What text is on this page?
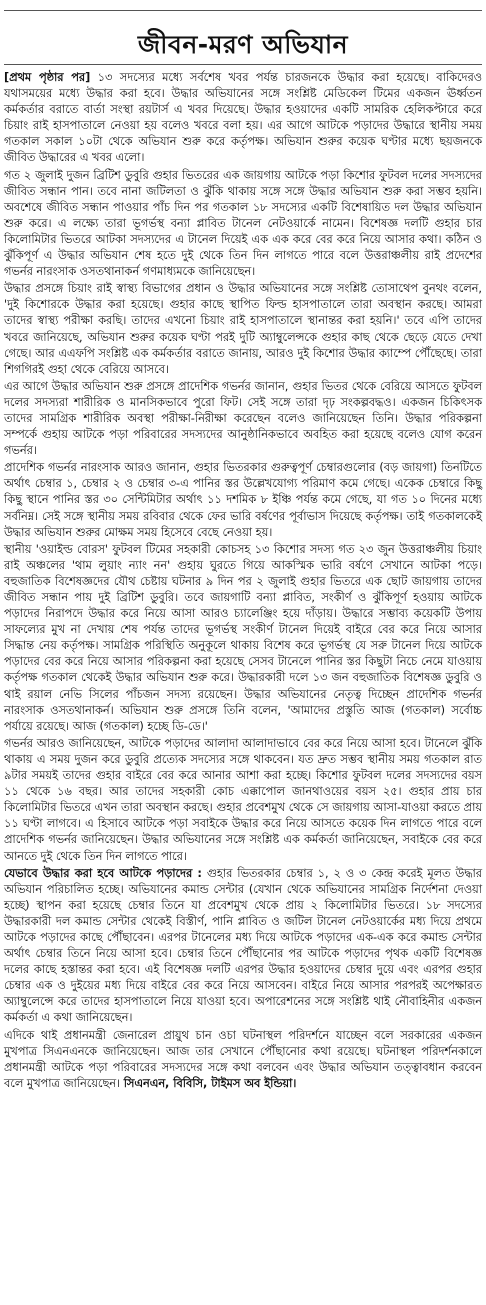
জীবন-মরণ অভিযান

[প্রথম পৃষ্ঠার পর] ১৩ সদস্যের মধ্যে সর্বশেষ খবর পর্যন্ত চারজনকে উদ্ধার করা হয়েছে। বাকিদেরও যথাসময়ের মধ্যে উদ্ধার করা হবে। উদ্ধার অভিযানের সঙ্গে সংশ্লিষ্ট মেডিকেল টিমের একজন ঊর্ধ্বতন কর্মকর্তার বরাতে বার্তা সংস্থা রয়টার্স এ খবর দিয়েছে। উদ্ধার হওয়াদের একটি সামরিক হেলিকপ্টারে করে চিয়াং রাই হাসপাতালে নেওয়া হয় বলেও খবরে বলা হয়। এর আগে আটকে পড়াদের উদ্ধারে স্থানীয় সময় গতকাল সকাল ১০টা থেকে অভিযান শুরু করে কর্তৃপক্ষ। অভিযান শুরুর কয়েক ঘণ্টার মধ্যে ছয়জনকে জীবিত উদ্ধারের এ খবর এলো।

গত ২ জুলাই দুজন ব্রিটিশ ডুবুরি গুহার ভিতরের এক জায়গায় আটকে পড়া কিশোর ফুটবল দলের সদস্যদের জীবিত সন্ধান পান। তবে নানা জটিলতা ও ঝুঁকি থাকায় সঙ্গে সঙ্গে উদ্ধার অভিযান শুরু করা সম্ভব হয়নি। অবশেষে জীবিত সন্ধান পাওয়ার পাঁচ দিন পর গতকাল ১৮ সদস্যের একটি বিশেষায়িত দল উদ্ধার অভিযান শুরু করে। এ লক্ষ্যে তারা ভূগর্ভস্থ বন্যা প্লাবিত টানেল নেটওয়ার্কে নামেন। বিশেষজ্ঞ দলটি গুহার চার কিলোমিটার ভিতরে আটকা সদস্যদের এ টানেল দিয়েই এক এক করে বের করে নিয়ে আসার কথা। কঠিন ও ঝুঁকিপূর্ণ এ উদ্ধার অভিযান শেষ হতে দুই থেকে তিন দিন লাগতে পারে বলে উত্তরাঞ্চলীয় রাই প্রদেশের গভর্নর নারংসাক ওসতথানাকর্ন গণমাধ্যমকে জানিয়েছেন।

উদ্ধার প্রসঙ্গে চিয়াং রাই স্বাস্থ্য বিভাগের প্রধান ও উদ্ধার অভিযানের সঙ্গে সংশ্লিষ্ট তোসাথেপ বুনথং বলেন, 'দুই কিশোরকে উদ্ধার করা হয়েছে। গুহার কাছে স্থাপিত ফিল্ড হাসপাতালে তারা অবস্থান করছে। আমরা তাদের স্বাস্থ্য পরীক্ষা করছি। তাদের এখনো চিয়াং রাই হাসপাতালে স্থানান্তর করা হয়নি।' তবে এপি তাদের খবরে জানিয়েছে, অভিযান শুরুর কয়েক ঘণ্টা পরই দুটি অ্যাম্বুলেন্সকে গুহার কাছ থেকে ছেড়ে যেতে দেখা গেছে। আর এএফপি সংশ্লিষ্ট এক কর্মকর্তার বরাতে জানায়, আরও দুই কিশোর উদ্ধার ক্যাম্পে পৌঁছেছে। তারা শিগগিরই গুহা থেকে বেরিয়ে আসবে।

এর আগে উদ্ধার অভিযান শুরু প্রসঙ্গে প্রাদেশিক গভর্নর জানান, গুহার ভিতর থেকে বেরিয়ে আসতে ফুটবল দলের সদস্যরা শারীরিক ও মানসিকভাবে পুরো ফিট। সেই সঙ্গে তারা দৃঢ় সংকল্পবদ্ধও। একজন চিকিৎসক তাদের সামগ্রিক শারীরিক অবস্থা পরীক্ষা-নিরীক্ষা করেছেন বলেও জানিয়েছেন তিনি। উদ্ধার পরিকল্পনা সম্পর্কে গুহায় আটকে পড়া পরিবারের সদস্যদের আনুষ্ঠানিকভাবে অবহিত করা হয়েছে বলেও যোগ করেন গভর্নর।

প্রাদেশিক গভর্নর নারংসাক আরও জানান, গুহার ভিতরকার গুরুত্বপূর্ণ চেম্বারগুলোর (বড় জায়গা) তিনটিতে অর্থাৎ চেম্বার ১, চেম্বার ২ ও চেম্বার ৩-এ পানির স্তর উল্লেখযোগ্য পরিমাণ কমে গেছে। একেক চেম্বারে কিছু কিছু স্থানে পানির স্তর ৩০ সেন্টিমিটার অর্থাৎ ১১ দশমিক ৮ ইঞ্চি পর্যন্ত কমে গেছে, যা গত ১০ দিনের মধ্যে সর্বনিম্ন। সেই সঙ্গে স্থানীয় সময় রবিবার থেকে ফের ভারি বর্ষণের পূর্বাভাস দিয়েছে কর্তৃপক্ষ। তাই গতকালকেই উদ্ধার অভিযান শুরুর মোক্ষম সময় হিসেবে বেছে নেওয়া হয়।

স্থানীয় 'ওয়াইল্ড বোরস' ফুটবল টিমের সহকারী কোচসহ ১৩ কিশোর সদস্য গত ২৩ জুন উত্তরাঞ্চলীয় চিয়াং রাই অঞ্চলের 'থাম লুয়াং ন্যাং নন' গুহায় ঘুরতে গিয়ে আকস্মিক ভারি বর্ষণে সেখানে আটকা পড়ে। বহুজাতিক বিশেষজ্ঞদের যৌথ চেষ্টায় ঘটনার ৯ দিন পর ২ জুলাই গুহার ভিতরে এক ছোট জায়গায় তাদের জীবিত সন্ধান পায় দুই ব্রিটিশ ডুবুরি। তবে জায়গাটি বন্যা প্লাবিত, সংকীর্ণ ও ঝুঁকিপূর্ণ হওয়ায় আটকে পড়াদের নিরাপদে উদ্ধার করে নিয়ে আসা আরও চ্যালেঞ্জিং হয়ে দাঁড়ায়। উদ্ধারে সম্ভাব্য কয়েকটি উপায় সাফল্যের মুখ না দেখায় শেষ পর্যন্ত তাদের ভূগর্ভস্থ সংকীর্ণ টানেল দিয়েই বাইরে বের করে নিয়ে আসার সিদ্ধান্ত নেয় কর্তৃপক্ষ। সামগ্রিক পরিস্থিতি অনুকূলে থাকায় বিশেষ করে ভূগর্ভস্থ যে সরু টানেল দিয়ে আটকে পড়াদের বের করে নিয়ে আসার পরিকল্পনা করা হয়েছে সেসব টানেলে পানির স্তর কিছুটা নিচে নেমে যাওয়ায় কর্তৃপক্ষ গতকাল থেকেই উদ্ধার অভিযান শুরু করে। উদ্ধারকারী দলে ১৩ জন বহুজাতিক বিশেষজ্ঞ ডুবুরি ও থাই রয়াল নেভি সিলের পাঁচজন সদস্য রয়েছেন। উদ্ধার অভিযানের নেতৃত্ব দিচ্ছেন প্রাদেশিক গভর্নর নারংসাক ওসতথানাকর্ন। অভিযান শুরু প্রসঙ্গে তিনি বলেন, 'আমাদের প্রস্তুতি আজ (গতকাল) সর্বোচ্চ পর্যায়ে রয়েছে। আজ (গতকাল) হচ্ছে ডি-ডে।'

গভর্নর আরও জানিয়েছেন, আটকে পড়াদের আলাদা আলাদাভাবে বের করে নিয়ে আসা হবে। টানেলে ঝুঁকি থাকায় এ সময় দুজন করে ডুবুরি প্রত্যেক সদস্যের সঙ্গে থাকবেন। যত দ্রুত সম্ভব স্থানীয় সময় গতকাল রাত ৯টার সময়ই তাদের গুহার বাইরে বের করে আনার আশা করা হচ্ছে। কিশোর ফুটবল দলের সদস্যদের বয়স ১১ থেকে ১৬ বছর। আর তাদের সহকারী কোচ এক্কাপোল জানথাওয়ের বয়স ২৫। গুহার প্রায় চার কিলোমিটার ভিতরে এখন তারা অবস্থান করছে। গুহার প্রবেশমুখ থেকে সে জায়গায় আসা-যাওয়া করতে প্রায় ১১ ঘণ্টা লাগবে। এ হিসাবে আটকে পড়া সবাইকে উদ্ধার করে নিয়ে আসতে কয়েক দিন লাগতে পারে বলে প্রাদেশিক গভর্নর জানিয়েছেন। উদ্ধার অভিযানের সঙ্গে সংশ্লিষ্ট এক কর্মকর্তা জানিয়েছেন, সবাইকে বের করে আনতে দুই থেকে তিন দিন লাগতে পারে।

যেভাবে উদ্ধার করা হবে আটকে পড়াদের : গুহার ভিতরকার চেম্বার ১, ২ ও ৩ কেন্দ্র করেই মূলত উদ্ধার অভিযান পরিচালিত হচ্ছে। অভিযানের কমান্ড সেন্টার (যেখান থেকে অভিযানের সামগ্রিক নির্দেশনা দেওয়া হচ্ছে) স্থাপন করা হয়েছে চেম্বার তিনে যা প্রবেশমুখ থেকে প্রায় ২ কিলোমিটার ভিতরে। ১৮ সদস্যের উদ্ধারকারী দল কমান্ড সেন্টার থেকেই বিস্তীর্ণ, পানি প্লাবিত ও জটিল টানেল নেটওয়ার্কের মধ্য দিয়ে প্রথমে আটকে পড়াদের কাছে পৌঁছাবেন। এরপর টানেলের মধ্য দিয়ে আটকে পড়াদের এক-এক করে কমান্ড সেন্টার অর্থাৎ চেম্বার তিনে নিয়ে আসা হবে। চেম্বার তিনে পৌঁছানোর পর আটকে পড়াদের পৃথক একটি বিশেষজ্ঞ দলের কাছে হস্তান্তর করা হবে। এই বিশেষজ্ঞ দলটি এরপর উদ্ধার হওয়াদের চেম্বার দুয়ে এবং এরপর গুহার চেম্বার এক ও দুইয়ের মধ্য দিয়ে বাইরে বের করে নিয়ে আসবেন। বাইরে নিয়ে আসার পরপরই অপেক্ষারত অ্যাম্বুলেন্সে করে তাদের হাসপাতালে নিয়ে যাওয়া হবে। অপারেশনের সঙ্গে সংশ্লিষ্ট থাই নৌবাহিনীর একজন কর্মকর্তা এ কথা জানিয়েছেন।

এদিকে থাই প্রধানমন্ত্রী জেনারেল প্রায়ুথ চান ওচা ঘটনাস্থল পরিদর্শনে যাচ্ছেন বলে সরকারের একজন মুখপাত্র সিএনএনকে জানিয়েছেন। আজ তার সেখানে পৌঁছানোর কথা রয়েছে। ঘটনাস্থল পরিদর্শনকালে প্রধানমন্ত্রী আটকে পড়া পরিবারের সদস্যদের সঙ্গে কথা বলবেন এবং উদ্ধার অভিযান তত্ত্বাবধান করবেন বলে মুখপাত্র জানিয়েছেন। সিএনএন, বিবিসি, টাইমস অব ইন্ডিয়া।
